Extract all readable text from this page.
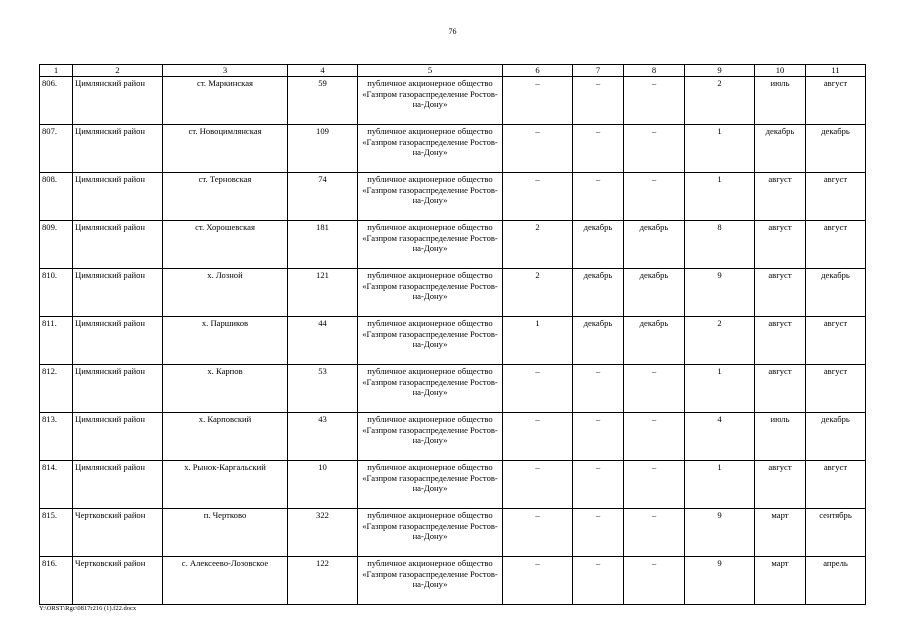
76
1	2	3	4	5	6	7	8	9	10	11
806.	Цимлянский район	ст. Маркинская	59	публичное акционерное общество «Газпром газораспределение Ростов-на-Дону»	–	–	–	2	июль	август
807.	Цимлянский район	ст. Новоцимлянская	109	публичное акционерное общество «Газпром газораспределение Ростов-на-Дону»	–	–	–	1	декабрь	декабрь
808.	Цимлянский район	ст. Терновская	74	публичное акционерное общество «Газпром газораспределение Ростов-на-Дону»	–	–	–	1	август	август
809.	Цимлянский район	ст. Хорошевская	181	публичное акционерное общество «Газпром газораспределение Ростов-на-Дону»	2	декабрь	декабрь	8	август	август
810.	Цимлянский район	х. Лозной	121	публичное акционерное общество «Газпром газораспределение Ростов-на-Дону»	2	декабрь	декабрь	9	август	декабрь
811.	Цимлянский район	х. Паршиков	44	публичное акционерное общество «Газпром газораспределение Ростов-на-Дону»	1	декабрь	декабрь	2	август	август
812.	Цимлянский район	х. Карпов	53	публичное акционерное общество «Газпром газораспределение Ростов-на-Дону»	–	–	–	1	август	август
813.	Цимлянский район	х. Карповский	43	публичное акционерное общество «Газпром газораспределение Ростов-на-Дону»	–	–	–	4	июль	декабрь
814.	Цимлянский район	х. Рынок-Каргальский	10	публичное акционерное общество «Газпром газораспределение Ростов-на-Дону»	–	–	–	1	август	август
815.	Чертковский район	п. Чертково	322	публичное акционерное общество «Газпром газораспределение Ростов-на-Дону»	–	–	–	9	март	сентябрь
816.	Чертковский район	с. Алексеево-Лозовское	122	публичное акционерное общество «Газпром газораспределение Ростов-на-Дону»	–	–	–	9	март	апрель
Y:\ORST\Rgc\0817r216 (1).f22.docx
